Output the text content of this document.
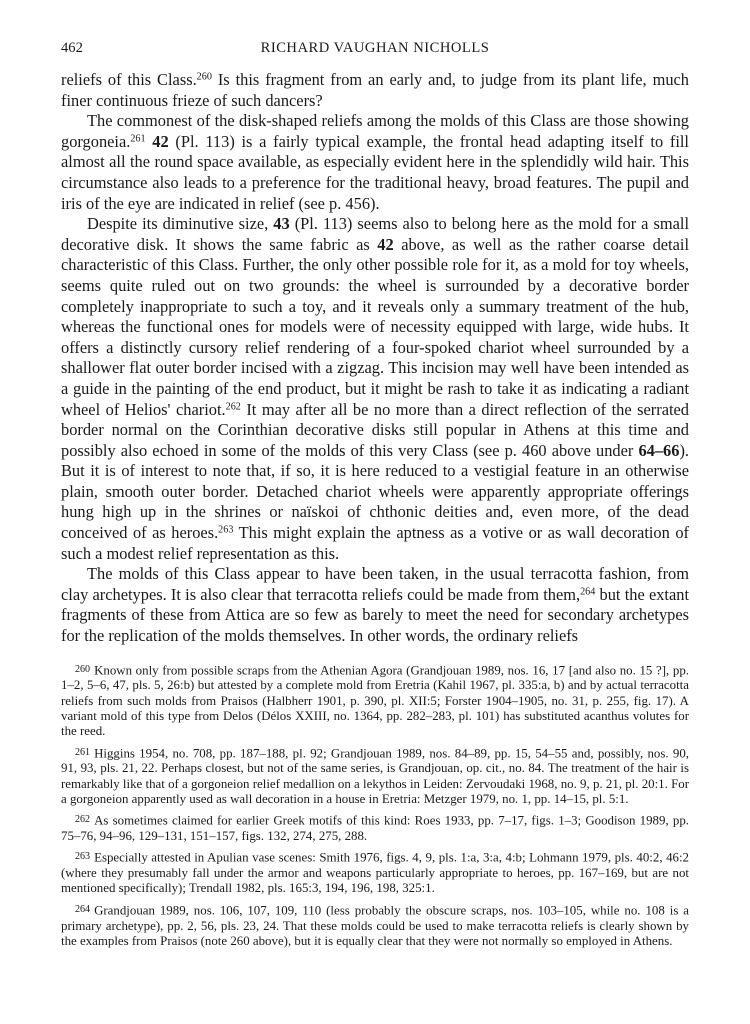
462	RICHARD VAUGHAN NICHOLLS

reliefs of this Class.$^{260}$ Is this fragment from an early and, to judge from its plant life, much finer continuous frieze of such dancers?

The commonest of the disk-shaped reliefs among the molds of this Class are those showing gorgoneia.$^{261}$ 42 (Pl. 113) is a fairly typical example, the frontal head adapting itself to fill almost all the round space available, as especially evident here in the splendidly wild hair. This circumstance also leads to a preference for the traditional heavy, broad features. The pupil and iris of the eye are indicated in relief (see p. 456).

Despite its diminutive size, 43 (Pl. 113) seems also to belong here as the mold for a small decorative disk. It shows the same fabric as 42 above, as well as the rather coarse detail characteristic of this Class. Further, the only other possible role for it, as a mold for toy wheels, seems quite ruled out on two grounds: the wheel is surrounded by a decorative border completely inappropriate to such a toy, and it reveals only a summary treatment of the hub, whereas the functional ones for models were of necessity equipped with large, wide hubs. It offers a distinctly cursory relief rendering of a four-spoked chariot wheel surrounded by a shallower flat outer border incised with a zigzag. This incision may well have been intended as a guide in the painting of the end product, but it might be rash to take it as indicating a radiant wheel of Helios' chariot.$^{262}$ It may after all be no more than a direct reflection of the serrated border normal on the Corinthian decorative disks still popular in Athens at this time and possibly also echoed in some of the molds of this very Class (see p. 460 above under 64–66). But it is of interest to note that, if so, it is here reduced to a vestigial feature in an otherwise plain, smooth outer border. Detached chariot wheels were apparently appropriate offerings hung high up in the shrines or naïskoi of chthonic deities and, even more, of the dead conceived of as heroes.$^{263}$ This might explain the aptness as a votive or as wall decoration of such a modest relief representation as this.

The molds of this Class appear to have been taken, in the usual terracotta fashion, from clay archetypes. It is also clear that terracotta reliefs could be made from them,$^{264}$ but the extant fragments of these from Attica are so few as barely to meet the need for secondary archetypes for the replication of the molds themselves. In other words, the ordinary reliefs

260 Known only from possible scraps from the Athenian Agora (Grandjouan 1989, nos. 16, 17 [and also no. 15 ?], pp. 1–2, 5–6, 47, pls. 5, 26:b) but attested by a complete mold from Eretria (Kahil 1967, pl. 335:a, b) and by actual terracotta reliefs from such molds from Praisos (Halbherr 1901, p. 390, pl. XII:5; Forster 1904–1905, no. 31, p. 255, fig. 17). A variant mold of this type from Delos (Délos XXIII, no. 1364, pp. 282–283, pl. 101) has substituted acanthus volutes for the reed.

261 Higgins 1954, no. 708, pp. 187–188, pl. 92; Grandjouan 1989, nos. 84–89, pp. 15, 54–55 and, possibly, nos. 90, 91, 93, pls. 21, 22. Perhaps closest, but not of the same series, is Grandjouan, op. cit., no. 84. The treatment of the hair is remarkably like that of a gorgoneion relief medallion on a lekythos in Leiden: Zervoudaki 1968, no. 9, p. 21, pl. 20:1. For a gorgoneion apparently used as wall decoration in a house in Eretria: Metzger 1979, no. 1, pp. 14–15, pl. 5:1.

262 As sometimes claimed for earlier Greek motifs of this kind: Roes 1933, pp. 7–17, figs. 1–3; Goodison 1989, pp. 75–76, 94–96, 129–131, 151–157, figs. 132, 274, 275, 288.

263 Especially attested in Apulian vase scenes: Smith 1976, figs. 4, 9, pls. 1:a, 3:a, 4:b; Lohmann 1979, pls. 40:2, 46:2 (where they presumably fall under the armor and weapons particularly appropriate to heroes, pp. 167–169, but are not mentioned specifically); Trendall 1982, pls. 165:3, 194, 196, 198, 325:1.

264 Grandjouan 1989, nos. 106, 107, 109, 110 (less probably the obscure scraps, nos. 103–105, while no. 108 is a primary archetype), pp. 2, 56, pls. 23, 24. That these molds could be used to make terracotta reliefs is clearly shown by the examples from Praisos (note 260 above), but it is equally clear that they were not normally so employed in Athens.
